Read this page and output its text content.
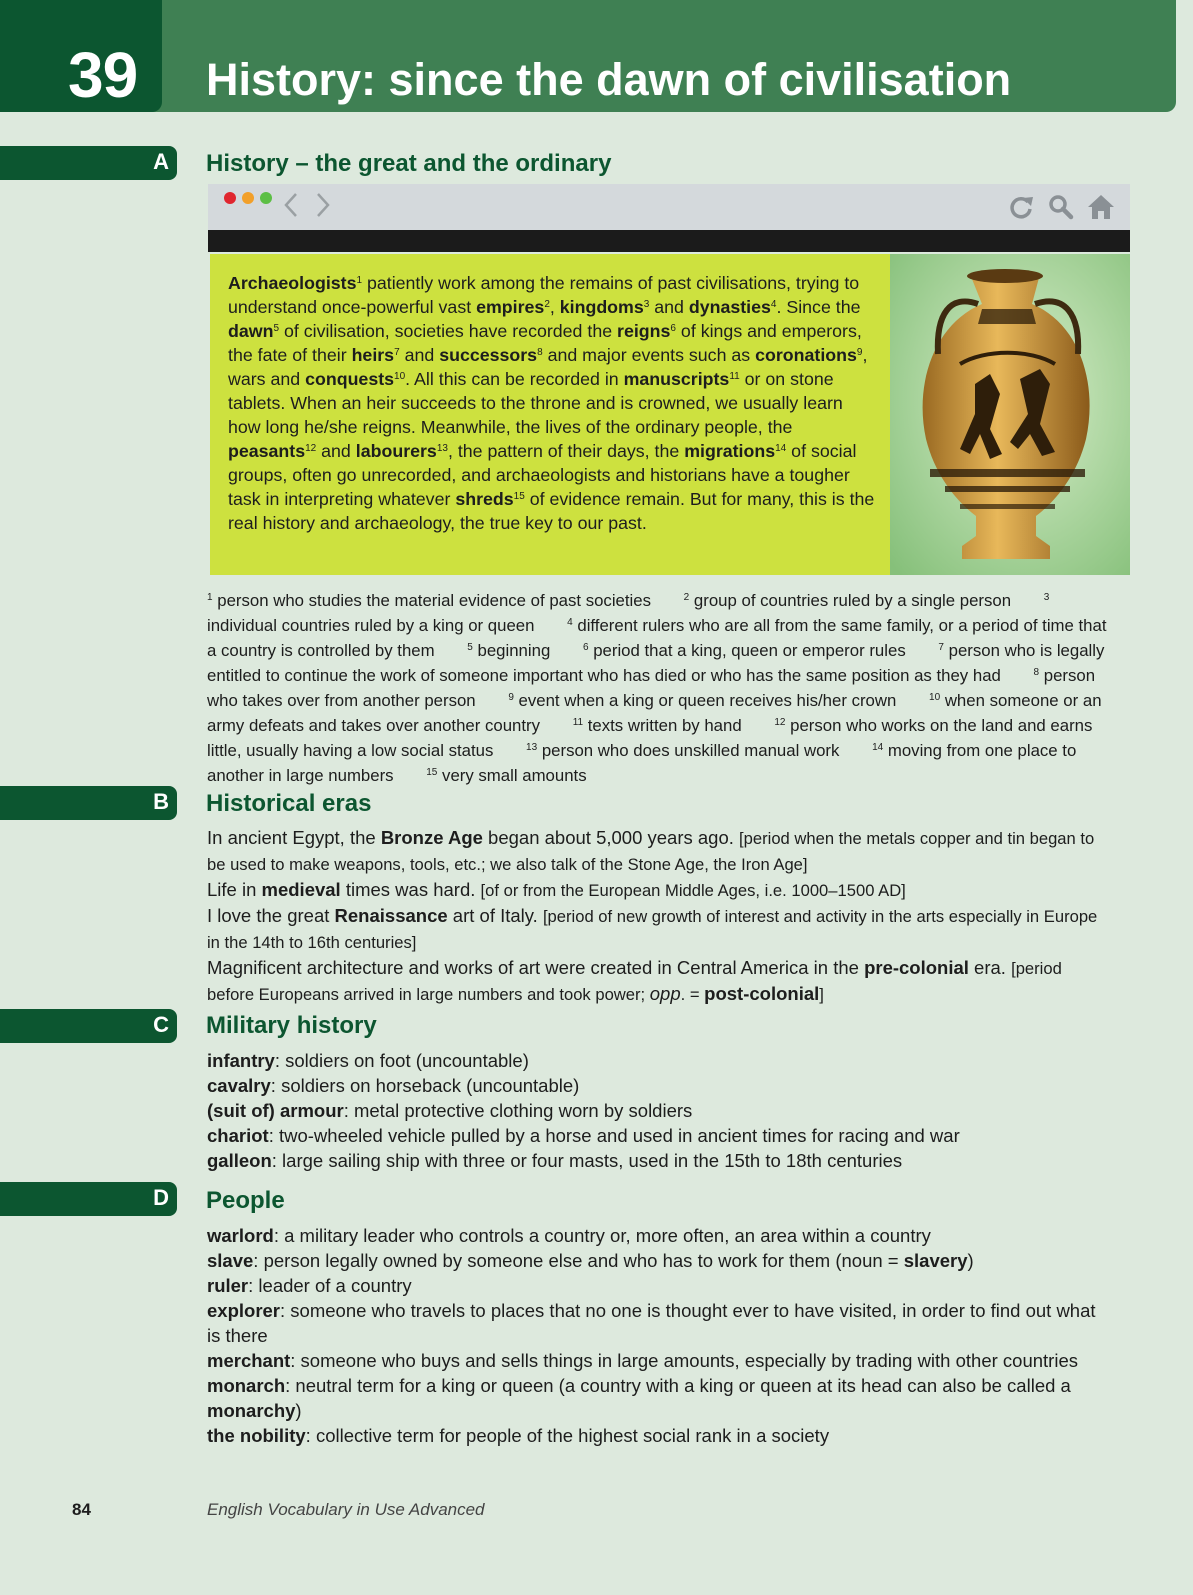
39 History: since the dawn of civilisation
A History – the great and the ordinary
Archaeologists$^1$ patiently work among the remains of past civilisations, trying to understand once-powerful vast empires$^2$, kingdoms$^3$ and dynasties$^4$. Since the dawn$^5$ of civilisation, societies have recorded the reigns$^6$ of kings and emperors, the fate of their heirs$^7$ and successors$^8$ and major events such as coronations$^9$, wars and conquests$^{10}$. All this can be recorded in manuscripts$^{11}$ or on stone tablets. When an heir succeeds to the throne and is crowned, we usually learn how long he/she reigns. Meanwhile, the lives of the ordinary people, the peasants$^{12}$ and labourers$^{13}$, the pattern of their days, the migrations$^{14}$ of social groups, often go unrecorded, and archaeologists and historians have a tougher task in interpreting whatever shreds$^{15}$ of evidence remain. But for many, this is the real history and archaeology, the true key to our past.
$^1$ person who studies the material evidence of past societies	$^2$ group of countries ruled by a single person	$^3$ individual countries ruled by a king or queen	$^4$ different rulers who are all from the same family, or a period of time that a country is controlled by them	$^5$ beginning	$^6$ period that a king, queen or emperor rules	$^7$ person who is legally entitled to continue the work of someone important who has died or who has the same position as they had	$^8$ person who takes over from another person	$^9$ event when a king or queen receives his/her crown	$^{10}$ when someone or an army defeats and takes over another country	$^{11}$ texts written by hand	$^{12}$ person who works on the land and earns little, usually having a low social status	$^{13}$ person who does unskilled manual work	$^{14}$ moving from one place to another in large numbers	$^{15}$ very small amounts
B Historical eras
In ancient Egypt, the Bronze Age began about 5,000 years ago. [period when the metals copper and tin began to be used to make weapons, tools, etc.; we also talk of the Stone Age, the Iron Age]
Life in medieval times was hard. [of or from the European Middle Ages, i.e. 1000–1500 AD]
I love the great Renaissance art of Italy. [period of new growth of interest and activity in the arts especially in Europe in the 14th to 16th centuries]
Magnificent architecture and works of art were created in Central America in the pre-colonial era. [period before Europeans arrived in large numbers and took power; opp. = post-colonial]
C Military history
infantry: soldiers on foot (uncountable)
cavalry: soldiers on horseback (uncountable)
(suit of) armour: metal protective clothing worn by soldiers
chariot: two-wheeled vehicle pulled by a horse and used in ancient times for racing and war
galleon: large sailing ship with three or four masts, used in the 15th to 18th centuries
D People
warlord: a military leader who controls a country or, more often, an area within a country
slave: person legally owned by someone else and who has to work for them (noun = slavery)
ruler: leader of a country
explorer: someone who travels to places that no one is thought ever to have visited, in order to find out what is there
merchant: someone who buys and sells things in large amounts, especially by trading with other countries
monarch: neutral term for a king or queen (a country with a king or queen at its head can also be called a monarchy)
the nobility: collective term for people of the highest social rank in a society
84	English Vocabulary in Use Advanced
